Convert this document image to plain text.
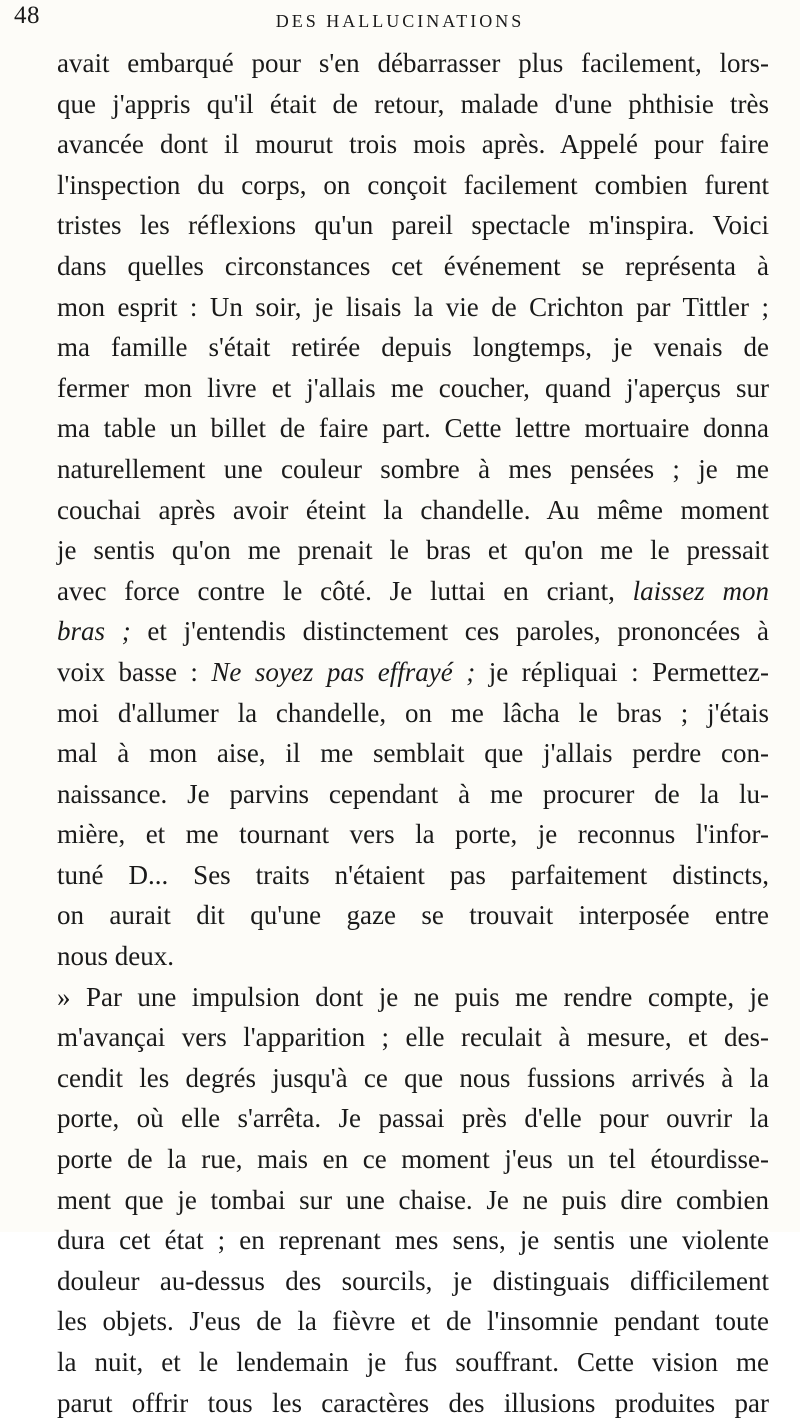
48	DES HALLUCINATIONS
avait embarqué pour s'en débarrasser plus facilement, lors-
que j'appris qu'il était de retour, malade d'une phthisie très
avancée dont il mourut trois mois après. Appelé pour faire
l'inspection du corps, on conçoit facilement combien furent
tristes les réflexions qu'un pareil spectacle m'inspira. Voici
dans quelles circonstances cet événement se représenta à
mon esprit : Un soir, je lisais la vie de Crichton par Tittler ;
ma famille s'était retirée depuis longtemps, je venais de
fermer mon livre et j'allais me coucher, quand j'aperçus sur
ma table un billet de faire part. Cette lettre mortuaire donna
naturellement une couleur sombre à mes pensées ; je me
couchai après avoir éteint la chandelle. Au même moment
je sentis qu'on me prenait le bras et qu'on me le pressait
avec force contre le côté. Je luttai en criant, laissez mon
bras ; et j'entendis distinctement ces paroles, prononcées à
voix basse : Ne soyez pas effrayé ; je répliquai : Permettez-
moi d'allumer la chandelle, on me lâcha le bras ; j'étais
mal à mon aise, il me semblait que j'allais perdre con-
naissance. Je parvins cependant à me procurer de la lu-
mière, et me tournant vers la porte, je reconnus l'infor-
tuné D... Ses traits n'étaient pas parfaitement distincts,
on aurait dit qu'une gaze se trouvait interposée entre
nous deux.
» Par une impulsion dont je ne puis me rendre compte, je
m'avançai vers l'apparition ; elle reculait à mesure, et des-
cendit les degrés jusqu'à ce que nous fussions arrivés à la
porte, où elle s'arrêta. Je passai près d'elle pour ouvrir la
porte de la rue, mais en ce moment j'eus un tel étourdisse-
ment que je tombai sur une chaise. Je ne puis dire combien
dura cet état ; en reprenant mes sens, je sentis une violente
douleur au-dessus des sourcils, je distinguais difficilement
les objets. J'eus de la fièvre et de l'insomnie pendant toute
la nuit, et le lendemain je fus souffrant. Cette vision me
parut offrir tous les caractères des illusions produites par
